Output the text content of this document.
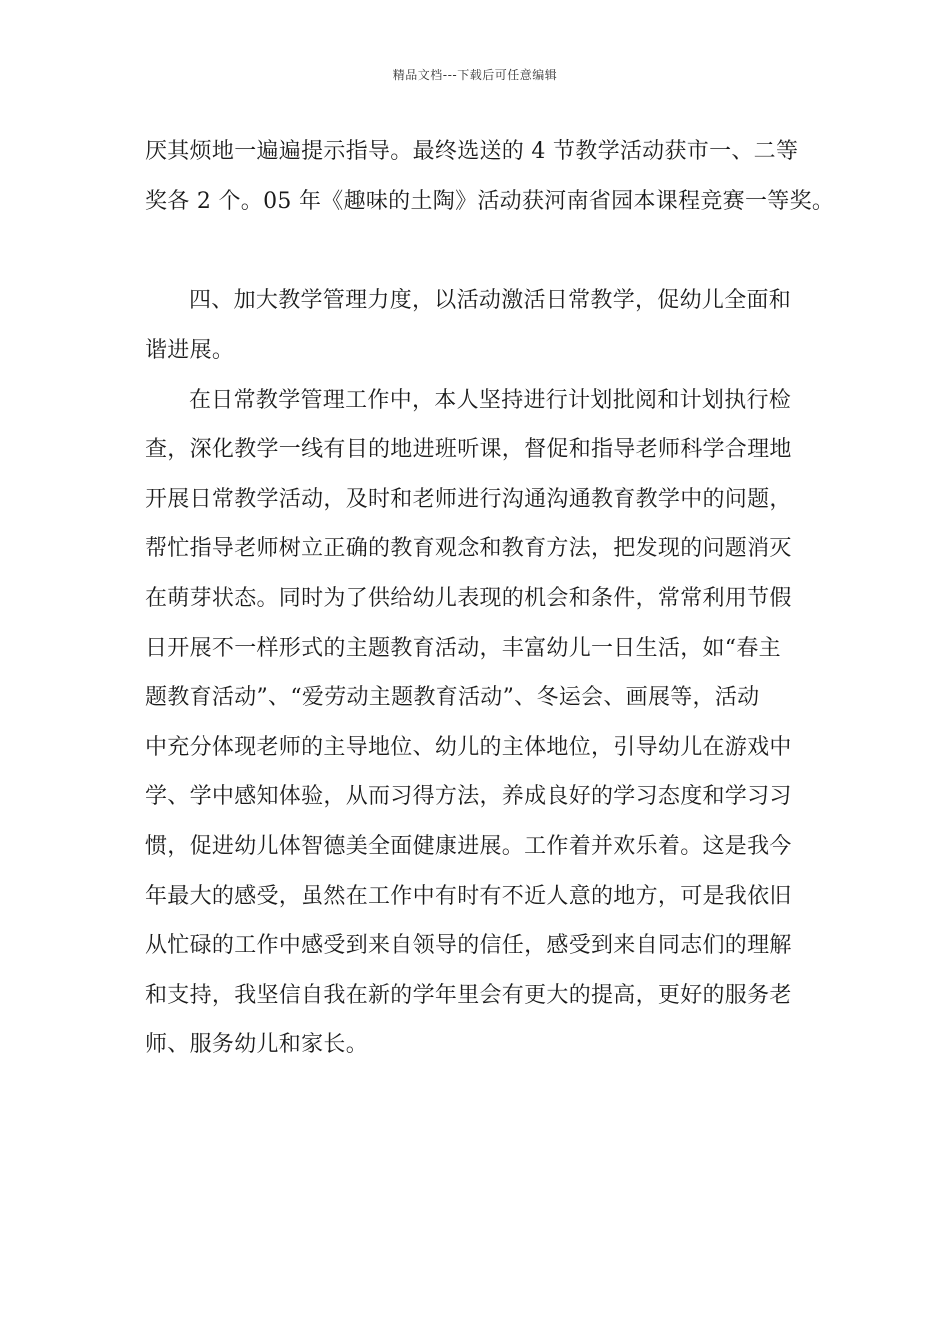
精品文档---下载后可任意编辑
厌其烦地一遍遍提示指导。最终选送的 4 节教学活动获市一、二等
奖各 2 个。05 年《趣味的土陶》活动获河南省园本课程竞赛一等奖。
四、加大教学管理力度，以活动激活日常教学，促幼儿全面和
谐进展。
在日常教学管理工作中，本人坚持进行计划批阅和计划执行检
查，深化教学一线有目的地进班听课，督促和指导老师科学合理地
开展日常教学活动，及时和老师进行沟通沟通教育教学中的问题，
帮忙指导老师树立正确的教育观念和教育方法，把发现的问题消灭
在萌芽状态。同时为了供给幼儿表现的机会和条件，常常利用节假
日开展不一样形式的主题教育活动，丰富幼儿一日生活，如“春主
题教育活动”、“爱劳动主题教育活动”、冬运会、画展等，活动
中充分体现老师的主导地位、幼儿的主体地位，引导幼儿在游戏中
学、学中感知体验，从而习得方法，养成良好的学习态度和学习习
惯，促进幼儿体智德美全面健康进展。工作着并欢乐着。这是我今
年最大的感受，虽然在工作中有时有不近人意的地方，可是我依旧
从忙碌的工作中感受到来自领导的信任，感受到来自同志们的理解
和支持，我坚信自我在新的学年里会有更大的提高，更好的服务老
师、服务幼儿和家长。
